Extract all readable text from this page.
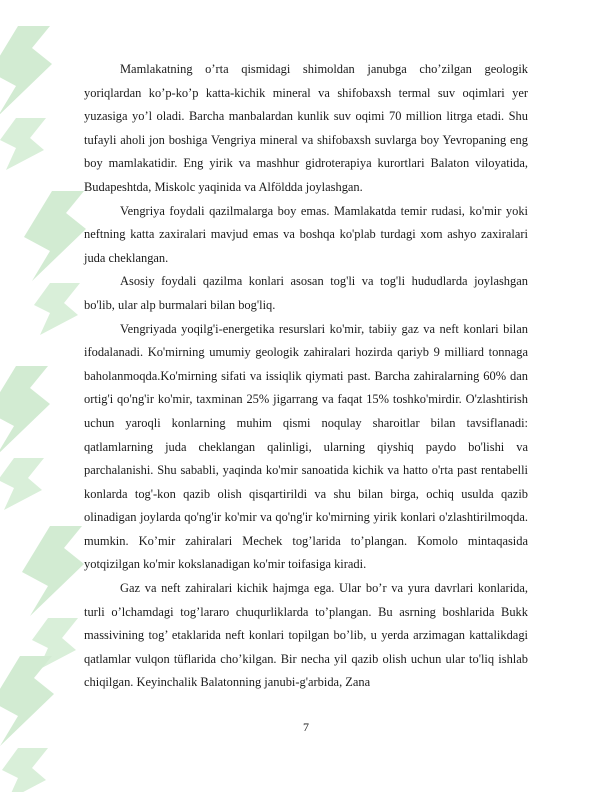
Mamlakatning o’rta qismidagi shimoldan janubga cho’zilgan geologik yoriqlardan ko’p-ko’p katta-kichik mineral va shifobaxsh termal suv oqimlari yer yuzasiga yo’l oladi. Barcha manbalardan kunlik suv oqimi 70 million litrga etadi. Shu tufayli aholi jon boshiga Vengriya mineral va shifobaxsh suvlarga boy Yevropaning eng boy mamlakatidir. Eng yirik va mashhur gidroterapiya kurortlari Balaton viloyatida, Budapeshtda, Miskolc yaqinida va Alföldda joylashgan.

Vengriya foydali qazilmalarga boy emas. Mamlakatda temir rudasi, ko'mir yoki neftning katta zaxiralari mavjud emas va boshqa ko'plab turdagi xom ashyo zaxiralari juda cheklangan.

Asosiy foydali qazilma konlari asosan tog'li va tog'li hududlarda joylashgan bo'lib, ular alp burmalari bilan bog'liq.

Vengriyada yoqilg'i-energetika resurslari ko'mir, tabiiy gaz va neft konlari bilan ifodalanadi. Ko'mirning umumiy geologik zahiralari hozirda qariyb 9 milliard tonnaga baholanmoqda.Ko'mirning sifati va issiqlik qiymati past. Barcha zahiralarning 60% dan ortig'i qo'ng'ir ko'mir, taxminan 25% jigarrang va faqat 15% toshko'mirdir. O'zlashtirish uchun yaroqli konlarning muhim qismi noqulay sharoitlar bilan tavsiflanadi: qatlamlarning juda cheklangan qalinligi, ularning qiyshiq paydo bo'lishi va parchalanishi. Shu sababli, yaqinda ko'mir sanoatida kichik va hatto o'rta past rentabelli konlarda tog'-kon qazib olish qisqartirildi va shu bilan birga, ochiq usulda qazib olinadigan joylarda qo'ng'ir ko'mir va qo'ng'ir ko'mirning yirik konlari o'zlashtirilmoqda. mumkin. Ko’mir zahiralari Mechek tog’larida to’plangan. Komolo mintaqasida yotqizilgan ko'mir kokslanadigan ko'mir toifasiga kiradi.

Gaz va neft zahiralari kichik hajmga ega. Ular bo’r va yura davrlari konlarida, turli o’lchamdagi tog’lararo chuqurliklarda to’plangan. Bu asrning boshlarida Bukk massivining tog’ etaklarida neft konlari topilgan bo’lib, u yerda arzimagan kattalikdagi qatlamlar vulqon tüflarida cho’kilgan. Bir necha yil qazib olish uchun ular to'liq ishlab chiqilgan. Keyinchalik Balatonning janubi-g'arbida, Zana

7
